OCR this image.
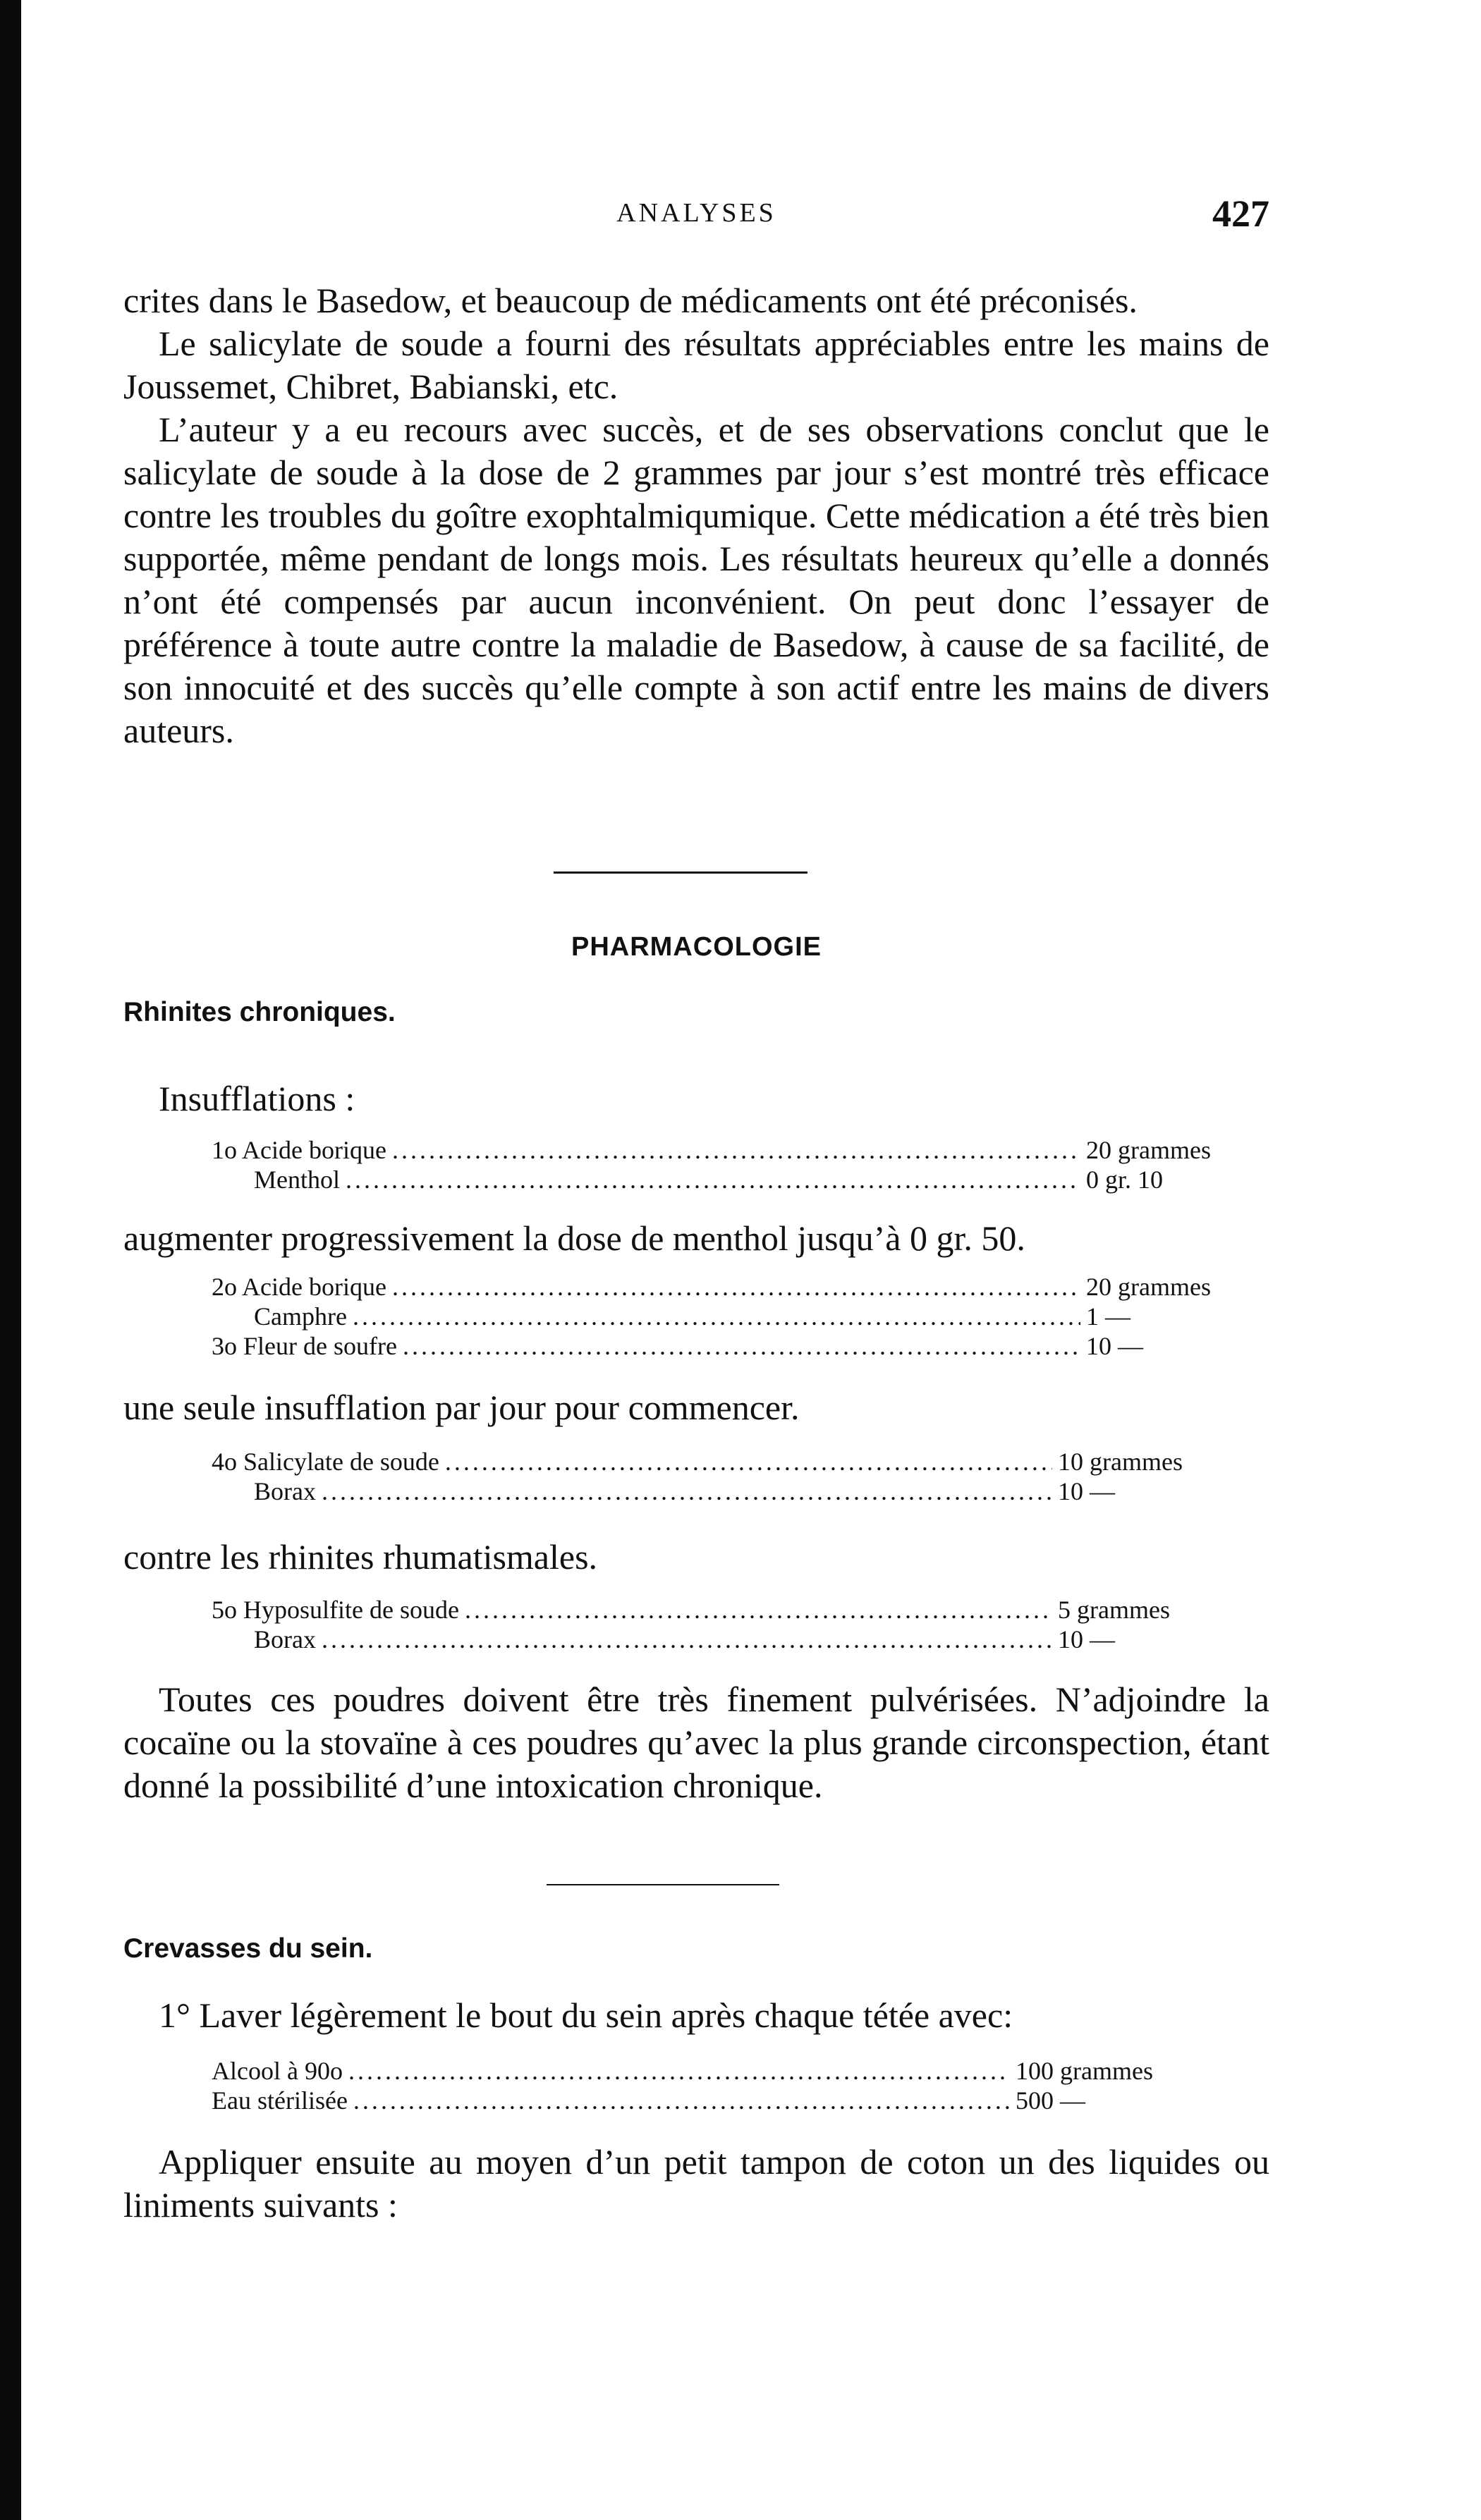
ANALYSES	427

crites dans le Basedow, et beaucoup de médicaments ont été préconisés.

Le salicylate de soude a fourni des résultats appréciables entre les mains de Joussemet, Chibret, Babianski, etc.

L’auteur y a eu recours avec succès, et de ses observations conclut que le salicylate de soude à la dose de 2 grammes par jour s’est montré très efficace contre les troubles du goître exophtalmiqumique. Cette médication a été très bien supportée, même pendant de longs mois. Les résultats heureux qu’elle a donnés n’ont été compensés par aucun inconvénient. On peut donc l’essayer de préférence à toute autre contre la maladie de Basedow, à cause de sa facilité, de son innocuité et des succès qu’elle compte à son actif entre les mains de divers auteurs.

PHARMACOLOGIE
Rhinites chroniques.
Insufflations :
1o Acide borique .....	20 grammes
Menthol .....	0 gr. 10
augmenter progressivement la dose de menthol jusqu’à 0 gr. 50.
2o Acide borique .....	20 grammes
Camphre .....	1 —
3o Fleur de soufre .....	10 —
une seule insufflation par jour pour commencer.
4o Salicylate de soude .....	10 grammes
Borax .....	10 —
contre les rhinites rhumatismales.
5o Hyposulfite de soude .....	5 grammes
Borax .....	10 —

Toutes ces poudres doivent être très finement pulvérisées. N’adjoindre la cocaïne ou la stovaïne à ces poudres qu’avec la plus grande circonspection, étant donné la possibilité d’une intoxication chronique.

Crevasses du sein.
1° Laver légèrement le bout du sein après chaque tétée avec:
Alcool à 90o .....	100 grammes
Eau stérilisée .....	500 —

Appliquer ensuite au moyen d’un petit tampon de coton un des liquides ou liniments suivants :
